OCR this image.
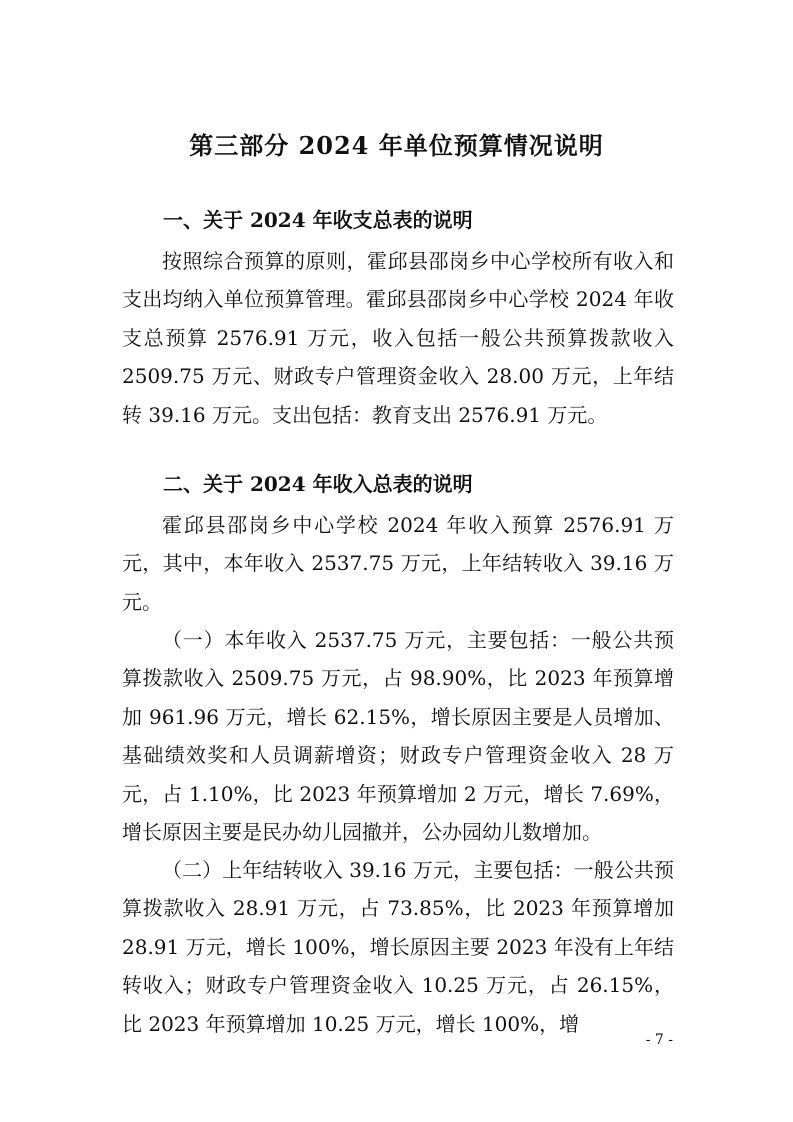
第三部分 2024 年单位预算情况说明
一、关于 2024 年收支总表的说明

按照综合预算的原则，霍邱县邵岗乡中心学校所有收入和支出均纳入单位预算管理。霍邱县邵岗乡中心学校 2024 年收支总预算 2576.91 万元，收入包括一般公共预算拨款收入 2509.75 万元、财政专户管理资金收入 28.00 万元，上年结转 39.16 万元。支出包括：教育支出 2576.91 万元。

二、关于 2024 年收入总表的说明

霍邱县邵岗乡中心学校 2024 年收入预算 2576.91 万元，其中，本年收入 2537.75 万元，上年结转收入 39.16 万元。

（一）本年收入 2537.75 万元，主要包括：一般公共预算拨款收入 2509.75 万元，占 98.90%，比 2023 年预算增加 961.96 万元，增长 62.15%，增长原因主要是人员增加、基础绩效奖和人员调薪增资；财政专户管理资金收入 28 万元，占 1.10%，比 2023 年预算增加 2 万元，增长 7.69%，增长原因主要是民办幼儿园撤并，公办园幼儿数增加。

（二）上年结转收入 39.16 万元，主要包括：一般公共预算拨款收入 28.91 万元，占 73.85%，比 2023 年预算增加 28.91 万元，增长 100%，增长原因主要 2023 年没有上年结转收入；财政专户管理资金收入 10.25 万元，占 26.15%，比 2023 年预算增加 10.25 万元，增长 100%，增

- 7 -
